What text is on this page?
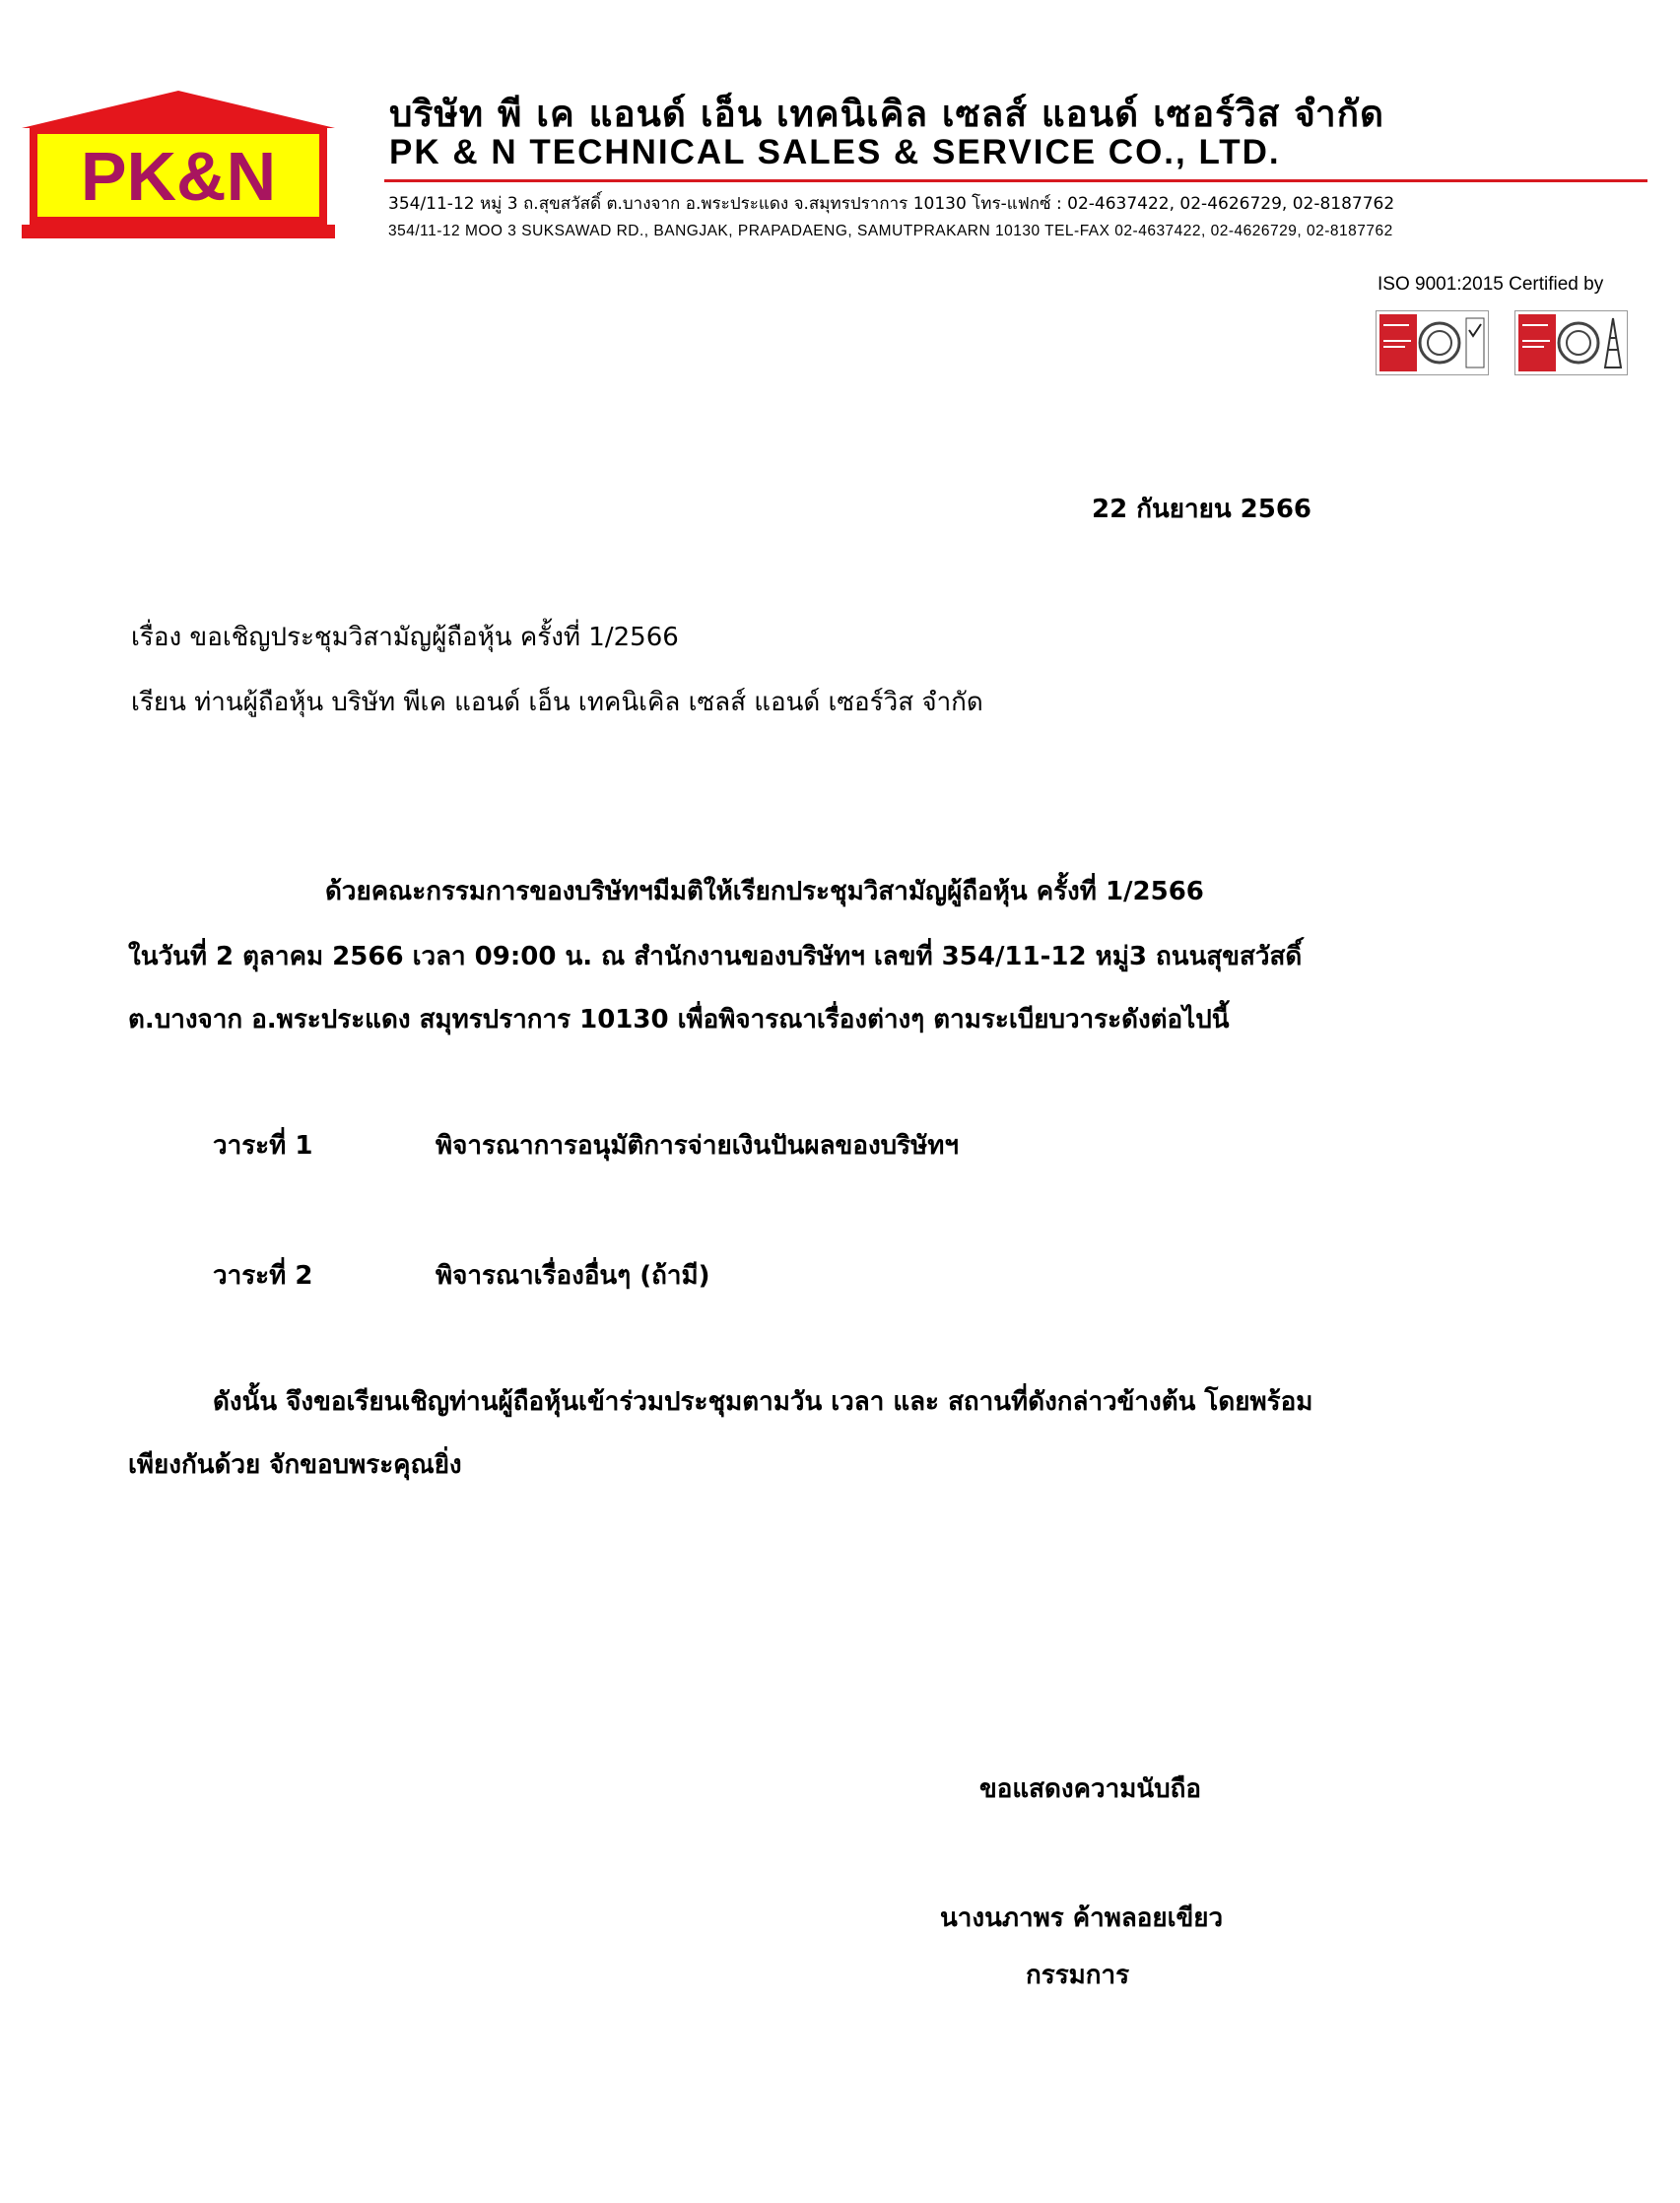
PK&N
บริษัท พี เค แอนด์ เอ็น เทคนิเคิล เซลส์ แอนด์ เซอร์วิส จำกัด
PK & N TECHNICAL SALES & SERVICE CO., LTD.
354/11-12 หมู่ 3 ถ.สุขสวัสดิ์ ต.บางจาก อ.พระประแดง จ.สมุทรปราการ 10130 โทร-แฟกซ์ : 02-4637422, 02-4626729, 02-8187762
354/11-12 MOO 3 SUKSAWAD RD., BANGJAK, PRAPADAENG, SAMUTPRAKARN 10130 TEL-FAX 02-4637422, 02-4626729, 02-8187762
ISO 9001:2015 Certified by
22 กันยายน 2566
เรื่อง ขอเชิญประชุมวิสามัญผู้ถือหุ้น ครั้งที่ 1/2566
เรียน ท่านผู้ถือหุ้น บริษัท พีเค แอนด์ เอ็น เทคนิเคิล เซลส์ แอนด์ เซอร์วิส จำกัด
ด้วยคณะกรรมการของบริษัทฯมีมติให้เรียกประชุมวิสามัญผู้ถือหุ้น ครั้งที่ 1/2566
ในวันที่ 2 ตุลาคม 2566 เวลา 09:00 น. ณ สำนักงานของบริษัทฯ เลขที่ 354/11-12 หมู่3 ถนนสุขสวัสดิ์
ต.บางจาก อ.พระประแดง สมุทรปราการ 10130 เพื่อพิจารณาเรื่องต่างๆ ตามระเบียบวาระดังต่อไปนี้
วาระที่ 1	พิจารณาการอนุมัติการจ่ายเงินปันผลของบริษัทฯ
วาระที่ 2	พิจารณาเรื่องอื่นๆ (ถ้ามี)
ดังนั้น จึงขอเรียนเชิญท่านผู้ถือหุ้นเข้าร่วมประชุมตามวัน เวลา และ สถานที่ดังกล่าวข้างต้น โดยพร้อม
เพียงกันด้วย จักขอบพระคุณยิ่ง
ขอแสดงความนับถือ
นางนภาพร ค้าพลอยเขียว
กรรมการ
